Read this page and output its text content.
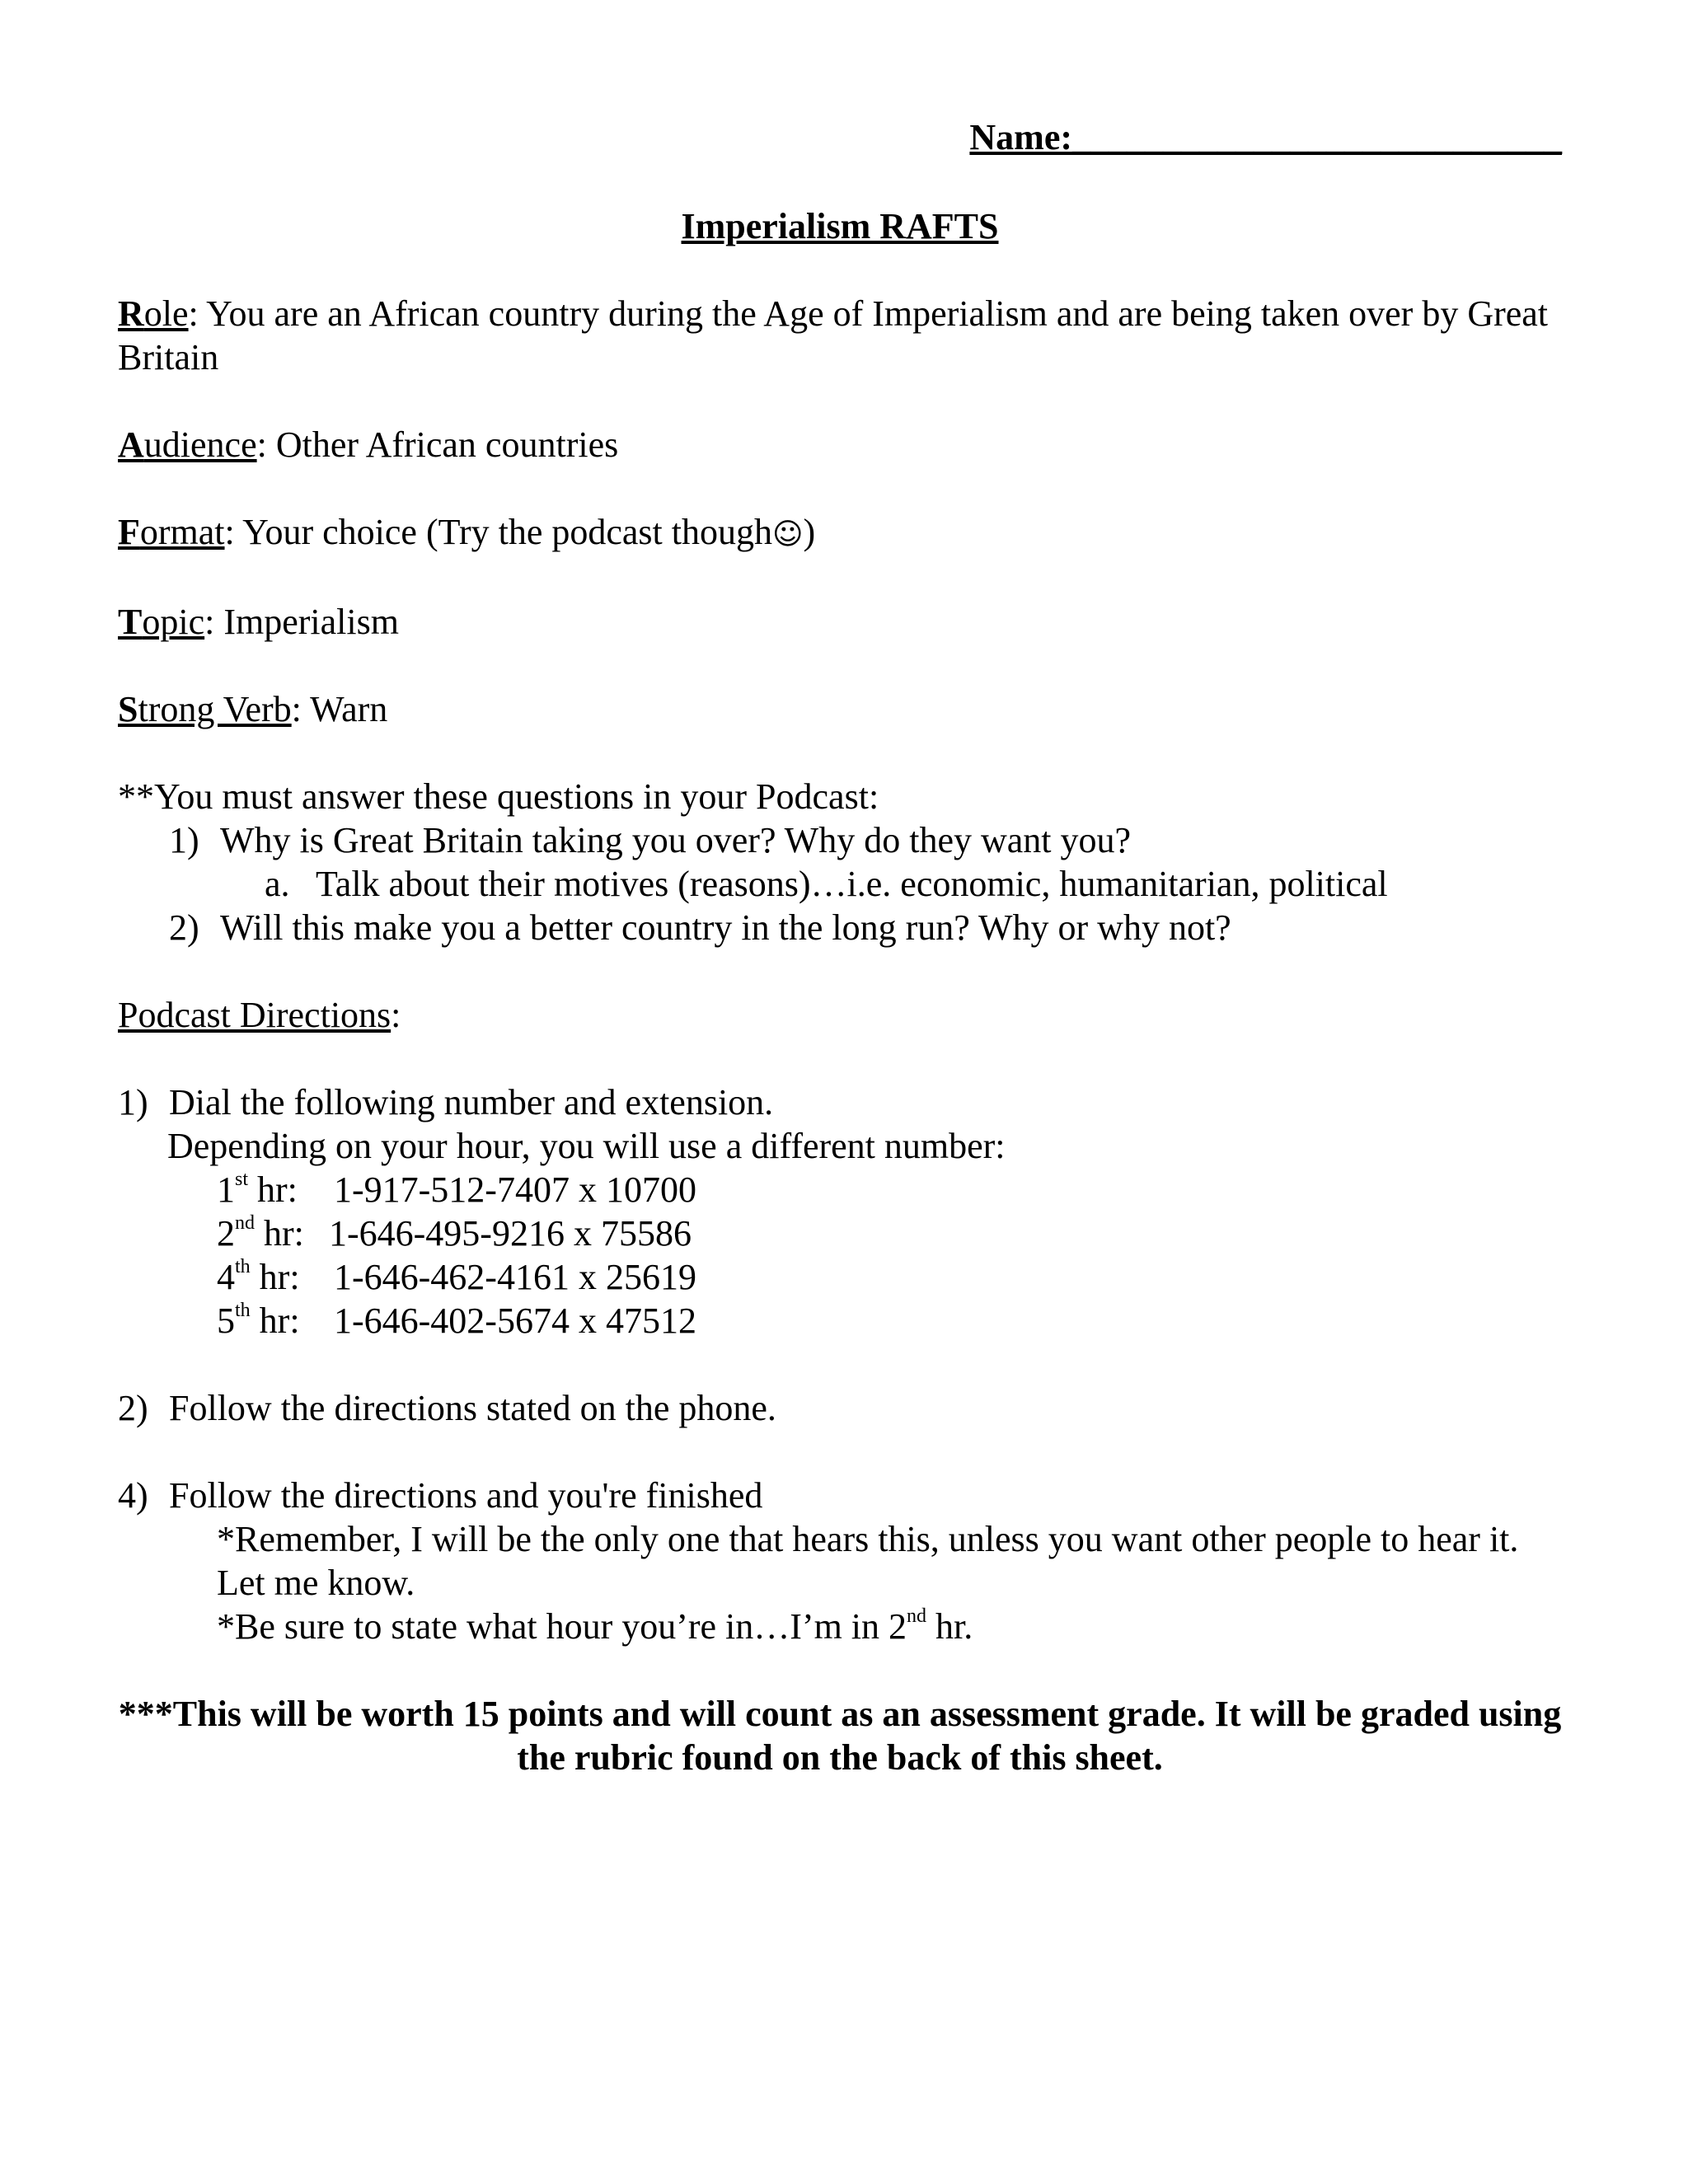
Name:___________________________
Imperialism RAFTS
Role: You are an African country during the Age of Imperialism and are being taken over by Great Britain
Audience: Other African countries
Format: Your choice (Try the podcast though☺)
Topic: Imperialism
Strong Verb: Warn
**You must answer these questions in your Podcast:
1) Why is Great Britain taking you over? Why do they want you?
a. Talk about their motives (reasons)…i.e. economic, humanitarian, political
2) Will this make you a better country in the long run? Why or why not?
Podcast Directions:
1) Dial the following number and extension.
Depending on your hour, you will use a different number:
1st hr: 1-917-512-7407 x 10700
2nd hr: 1-646-495-9216 x 75586
4th hr: 1-646-462-4161 x 25619
5th hr: 1-646-402-5674 x 47512
2) Follow the directions stated on the phone.
4) Follow the directions and you're finished
*Remember, I will be the only one that hears this, unless you want other people to hear it. Let me know.
*Be sure to state what hour you’re in…I’m in 2nd hr.
***This will be worth 15 points and will count as an assessment grade. It will be graded using the rubric found on the back of this sheet.
